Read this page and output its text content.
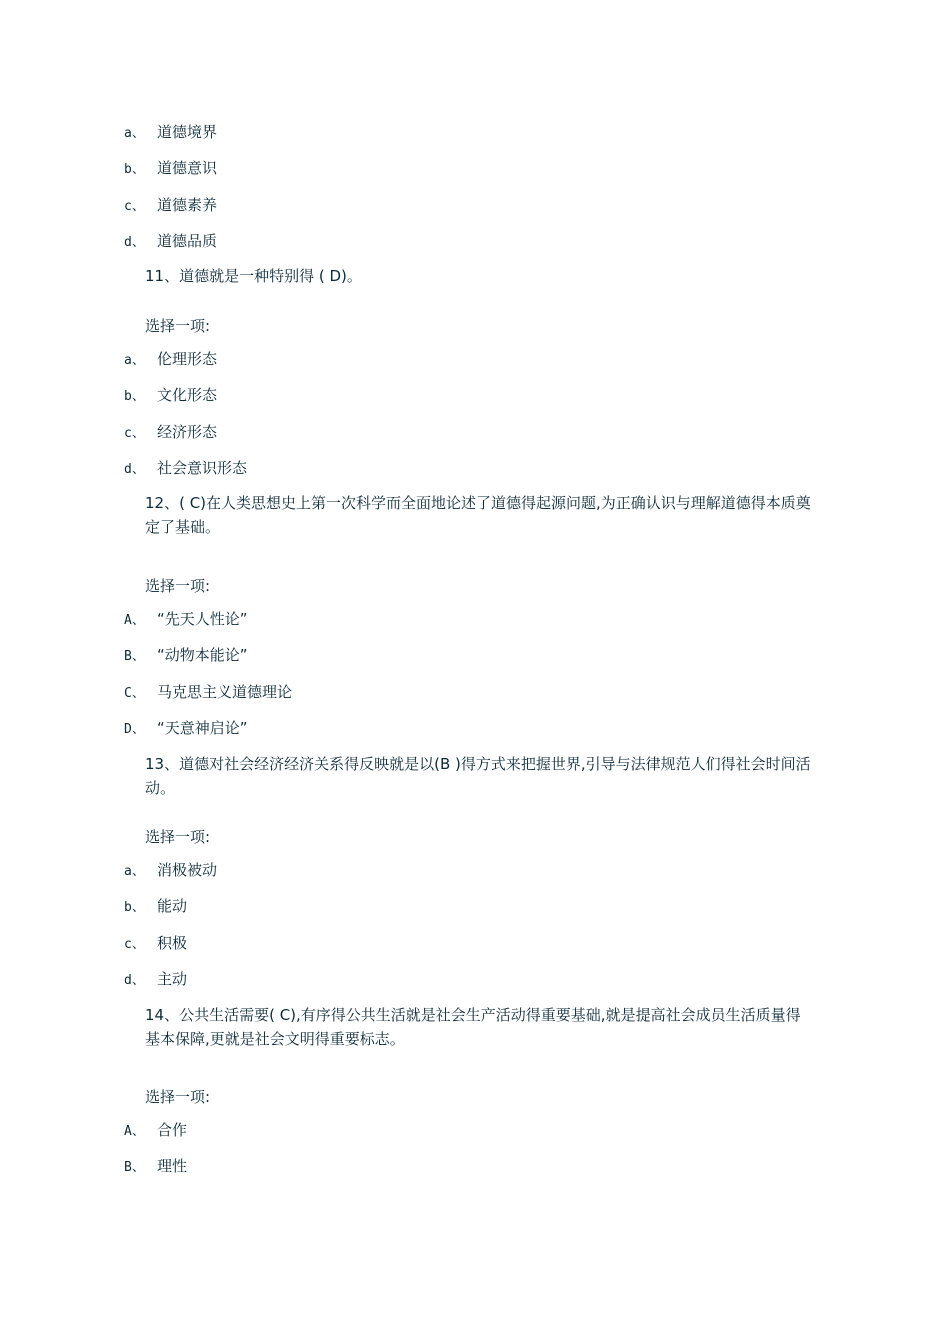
a、 道德境界
b、 道德意识
c、 道德素养
d、 道德品质
11、道德就是一种特别得 ( D)。
选择一项:
a、 伦理形态
b、 文化形态
c、 经济形态
d、 社会意识形态
12、( C)在人类思想史上第一次科学而全面地论述了道德得起源问题,为正确认识与理解道德得本质奠定了基础。
选择一项:
A、 “先天人性论”
B、 “动物本能论”
C、 马克思主义道德理论
D、 “天意神启论”
13、道德对社会经济经济关系得反映就是以(B )得方式来把握世界,引导与法律规范人们得社会时间活动。
选择一项:
a、 消极被动
b、 能动
c、 积极
d、 主动
14、公共生活需要( C),有序得公共生活就是社会生产活动得重要基础,就是提高社会成员生活质量得基本保障,更就是社会文明得重要标志。
选择一项:
A、 合作
B、 理性
